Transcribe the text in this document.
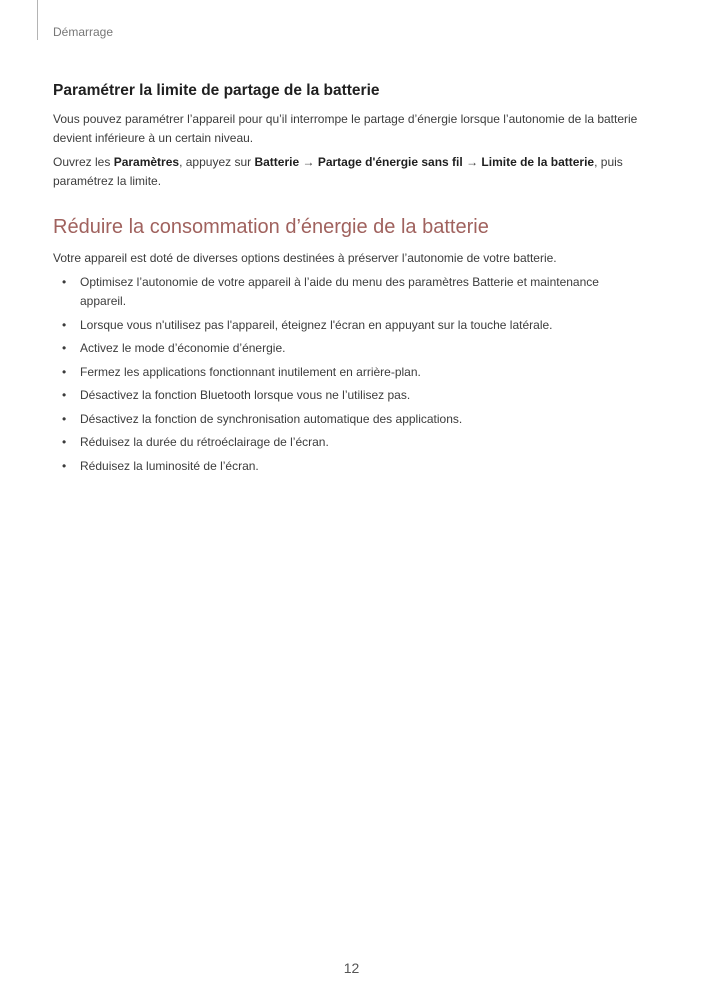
Démarrage
Paramétrer la limite de partage de la batterie

Vous pouvez paramétrer l’appareil pour qu’il interrompe le partage d’énergie lorsque l’autonomie de la batterie devient inférieure à un certain niveau.

Ouvrez les Paramètres, appuyez sur Batterie → Partage d'énergie sans fil → Limite de la batterie, puis paramétrez la limite.

Réduire la consommation d’énergie de la batterie

Votre appareil est doté de diverses options destinées à préserver l’autonomie de votre batterie.

• Optimisez l’autonomie de votre appareil à l’aide du menu des paramètres Batterie et maintenance appareil.
• Lorsque vous n'utilisez pas l'appareil, éteignez l'écran en appuyant sur la touche latérale.
• Activez le mode d’économie d’énergie.
• Fermez les applications fonctionnant inutilement en arrière-plan.
• Désactivez la fonction Bluetooth lorsque vous ne l’utilisez pas.
• Désactivez la fonction de synchronisation automatique des applications.
• Réduisez la durée du rétroéclairage de l’écran.
• Réduisez la luminosité de l’écran.
12
